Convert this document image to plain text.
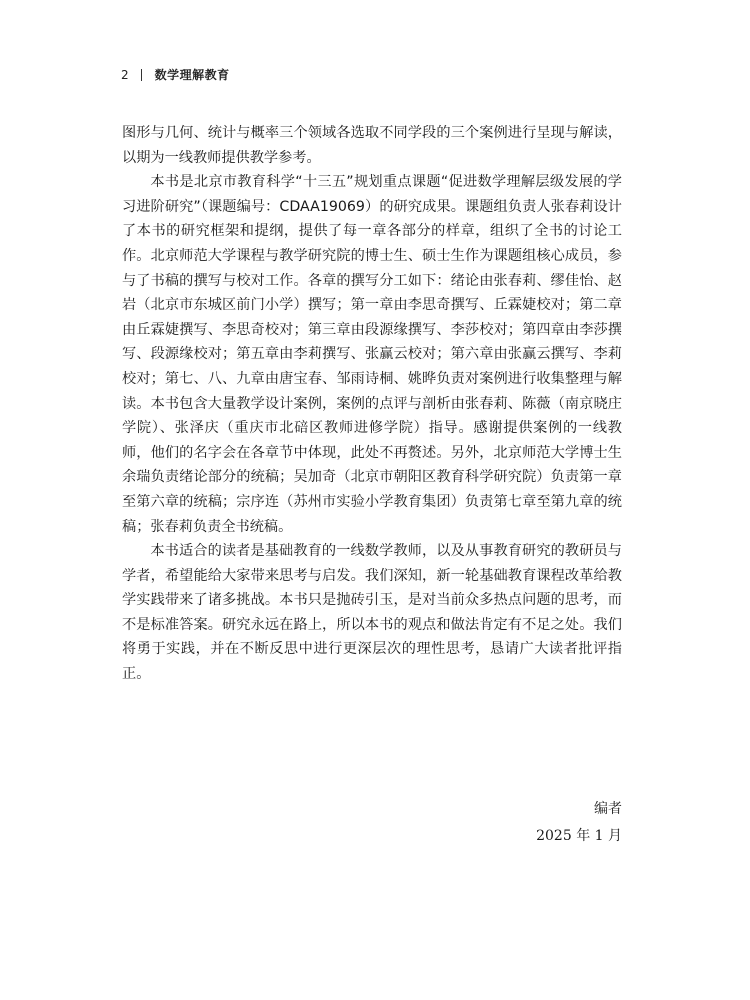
2 数学理解教育

图形与几何、统计与概率三个领域各选取不同学段的三个案例进行呈现与解读，以期为一线教师提供教学参考。

本书是北京市教育科学“十三五”规划重点课题“促进数学理解层级发展的学习进阶研究”（课题编号：CDAA19069）的研究成果。课题组负责人张春莉设计了本书的研究框架和提纲，提供了每一章各部分的样章，组织了全书的讨论工作。北京师范大学课程与教学研究院的博士生、硕士生作为课题组核心成员，参与了书稿的撰写与校对工作。各章的撰写分工如下：绪论由张春莉、缪佳怡、赵岩（北京市东城区前门小学）撰写；第一章由李思奇撰写、丘霖婕校对；第二章由丘霖婕撰写、李思奇校对；第三章由段源缘撰写、李莎校对；第四章由李莎撰写、段源缘校对；第五章由李莉撰写、张赢云校对；第六章由张赢云撰写、李莉校对；第七、八、九章由唐宝春、邹雨诗桐、姚晔负责对案例进行收集整理与解读。本书包含大量教学设计案例，案例的点评与剖析由张春莉、陈薇（南京晓庄学院）、张泽庆（重庆市北碚区教师进修学院）指导。感谢提供案例的一线教师，他们的名字会在各章节中体现，此处不再赘述。另外，北京师范大学博士生余瑞负责绪论部分的统稿；吴加奇（北京市朝阳区教育科学研究院）负责第一章至第六章的统稿；宗序连（苏州市实验小学教育集团）负责第七章至第九章的统稿；张春莉负责全书统稿。

本书适合的读者是基础教育的一线数学教师，以及从事教育研究的教研员与学者，希望能给大家带来思考与启发。我们深知，新一轮基础教育课程改革给教学实践带来了诸多挑战。本书只是抛砖引玉，是对当前众多热点问题的思考，而不是标准答案。研究永远在路上，所以本书的观点和做法肯定有不足之处。我们将勇于实践，并在不断反思中进行更深层次的理性思考，恳请广大读者批评指正。

编者
2025 年 1 月
